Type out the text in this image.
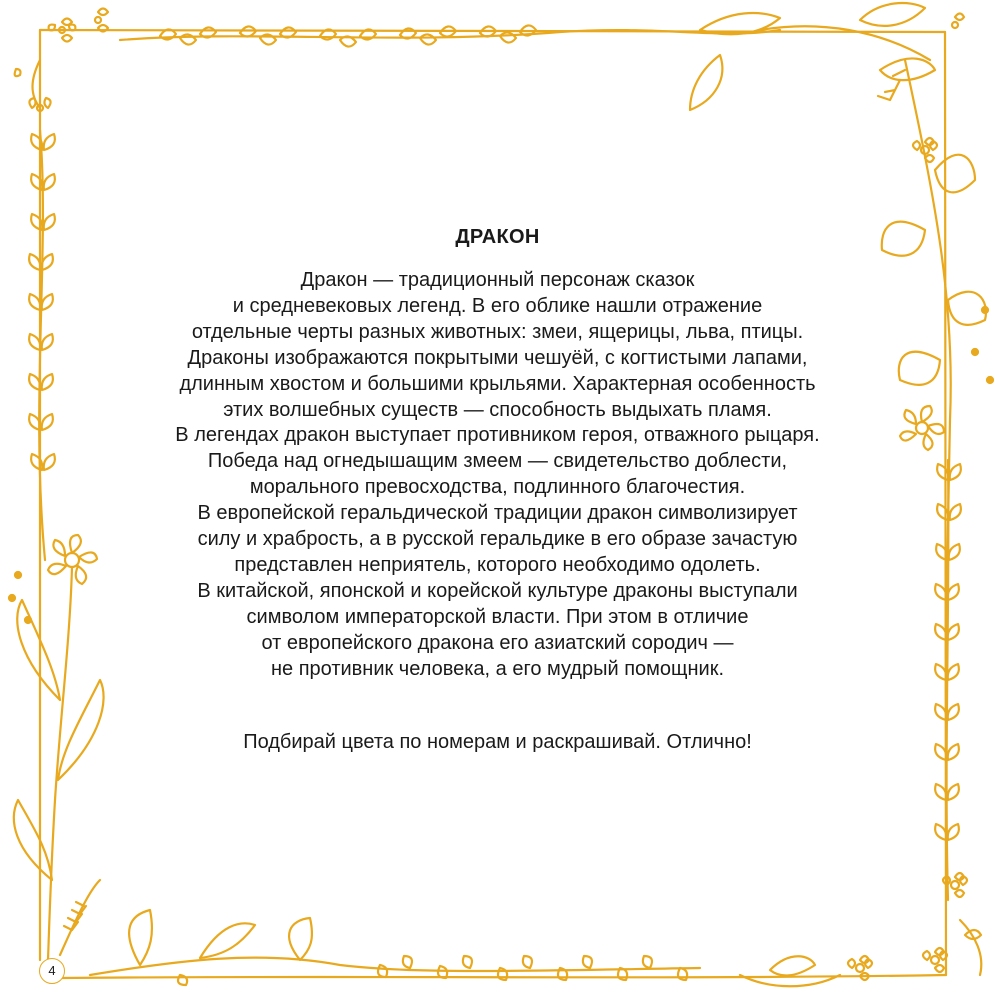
ДРАКОН

Дракон — традиционный персонаж сказок

и средневековых легенд. В его облике нашли отражение

отдельные черты разных животных: змеи, ящерицы, льва, птицы.

Драконы изображаются покрытыми чешуёй, с когтистыми лапами,

длинным хвостом и большими крыльями. Характерная особенность

этих волшебных существ — способность выдыхать пламя.

В легендах дракон выступает противником героя, отважного рыцаря.

Победа над огнедышащим змеем — свидетельство доблести,

морального превосходства, подлинного благочестия.

В европейской геральдической традиции дракон символизирует

силу и храбрость, а в русской геральдике в его образе зачастую

представлен неприятель, которого необходимо одолеть.

В китайской, японской и корейской культуре драконы выступали

символом императорской власти. При этом в отличие

от европейского дракона его азиатский сородич —

не противник человека, а его мудрый помощник.

Подбирай цвета по номерам и раскрашивай. Отлично!

4
